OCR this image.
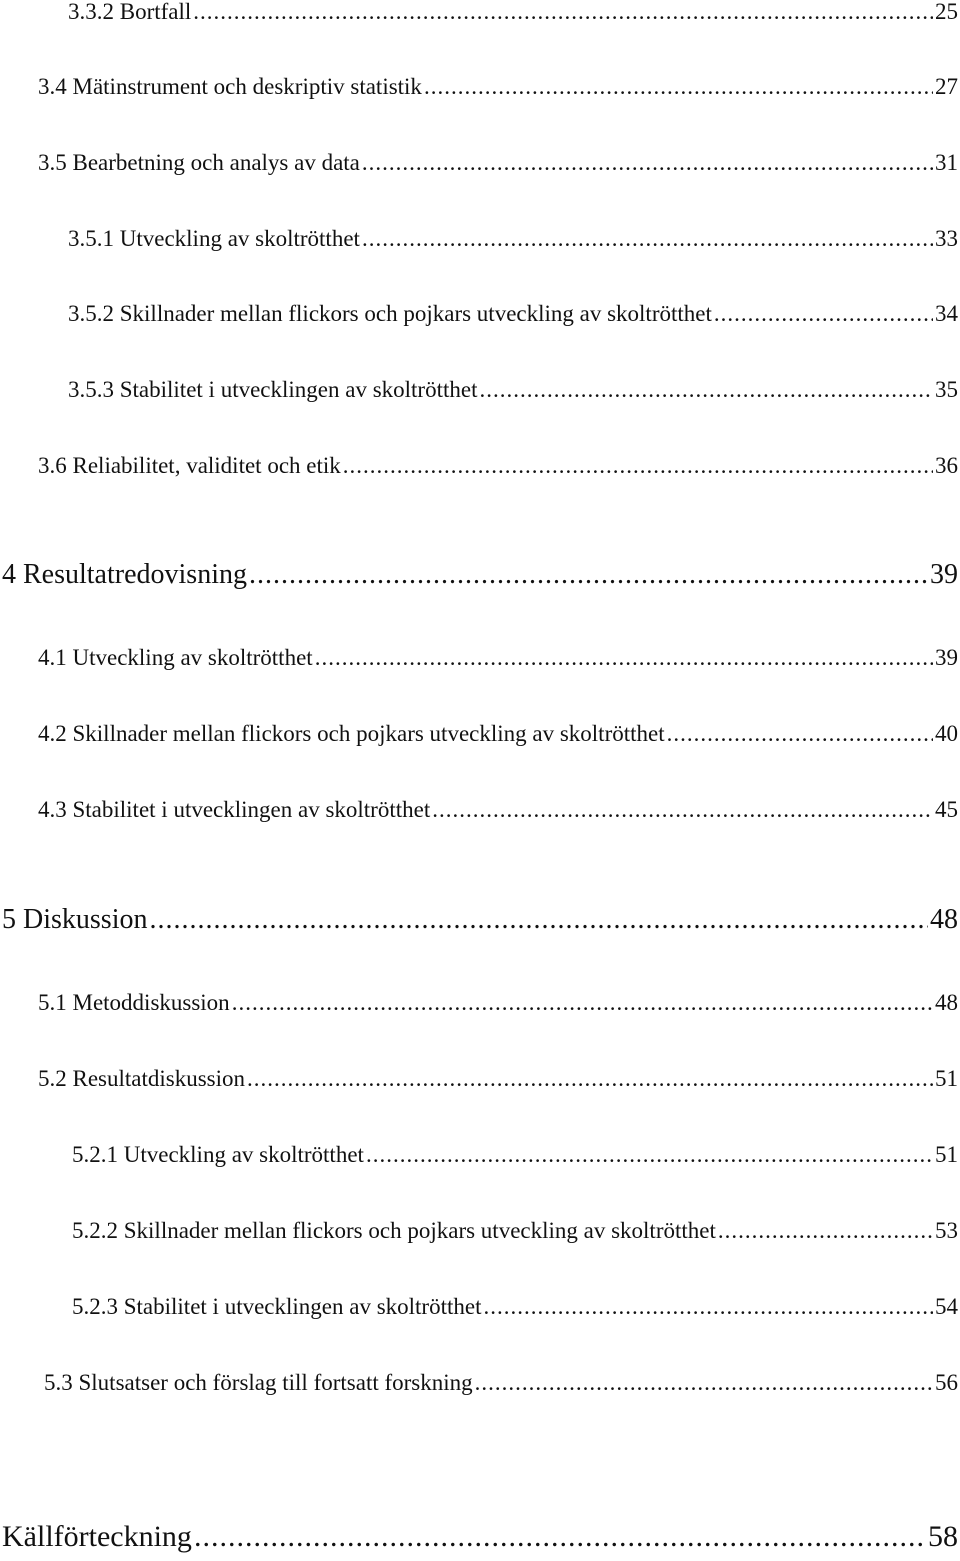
3.3.2 Bortfall .....	25
3.4 Mätinstrument och deskriptiv statistik .....	27
3.5 Bearbetning och analys av data .....	31
3.5.1 Utveckling av skoltrötthet .....	33
3.5.2 Skillnader mellan flickors och pojkars utveckling av skoltrötthet .....	34
3.5.3 Stabilitet i utvecklingen av skoltrötthet .....	35
3.6 Reliabilitet, validitet och etik .....	36
4 Resultatredovisning .....	39
4.1 Utveckling av skoltrötthet .....	39
4.2 Skillnader mellan flickors och pojkars utveckling av skoltrötthet .....	40
4.3 Stabilitet i utvecklingen av skoltrötthet .....	45
5 Diskussion .....	48
5.1 Metoddiskussion .....	48
5.2 Resultatdiskussion .....	51
5.2.1 Utveckling av skoltrötthet .....	51
5.2.2 Skillnader mellan flickors och pojkars utveckling av skoltrötthet .....	53
5.2.3 Stabilitet i utvecklingen av skoltrötthet .....	54
5.3 Slutsatser och förslag till fortsatt forskning .....	56
Källförteckning .....	58
